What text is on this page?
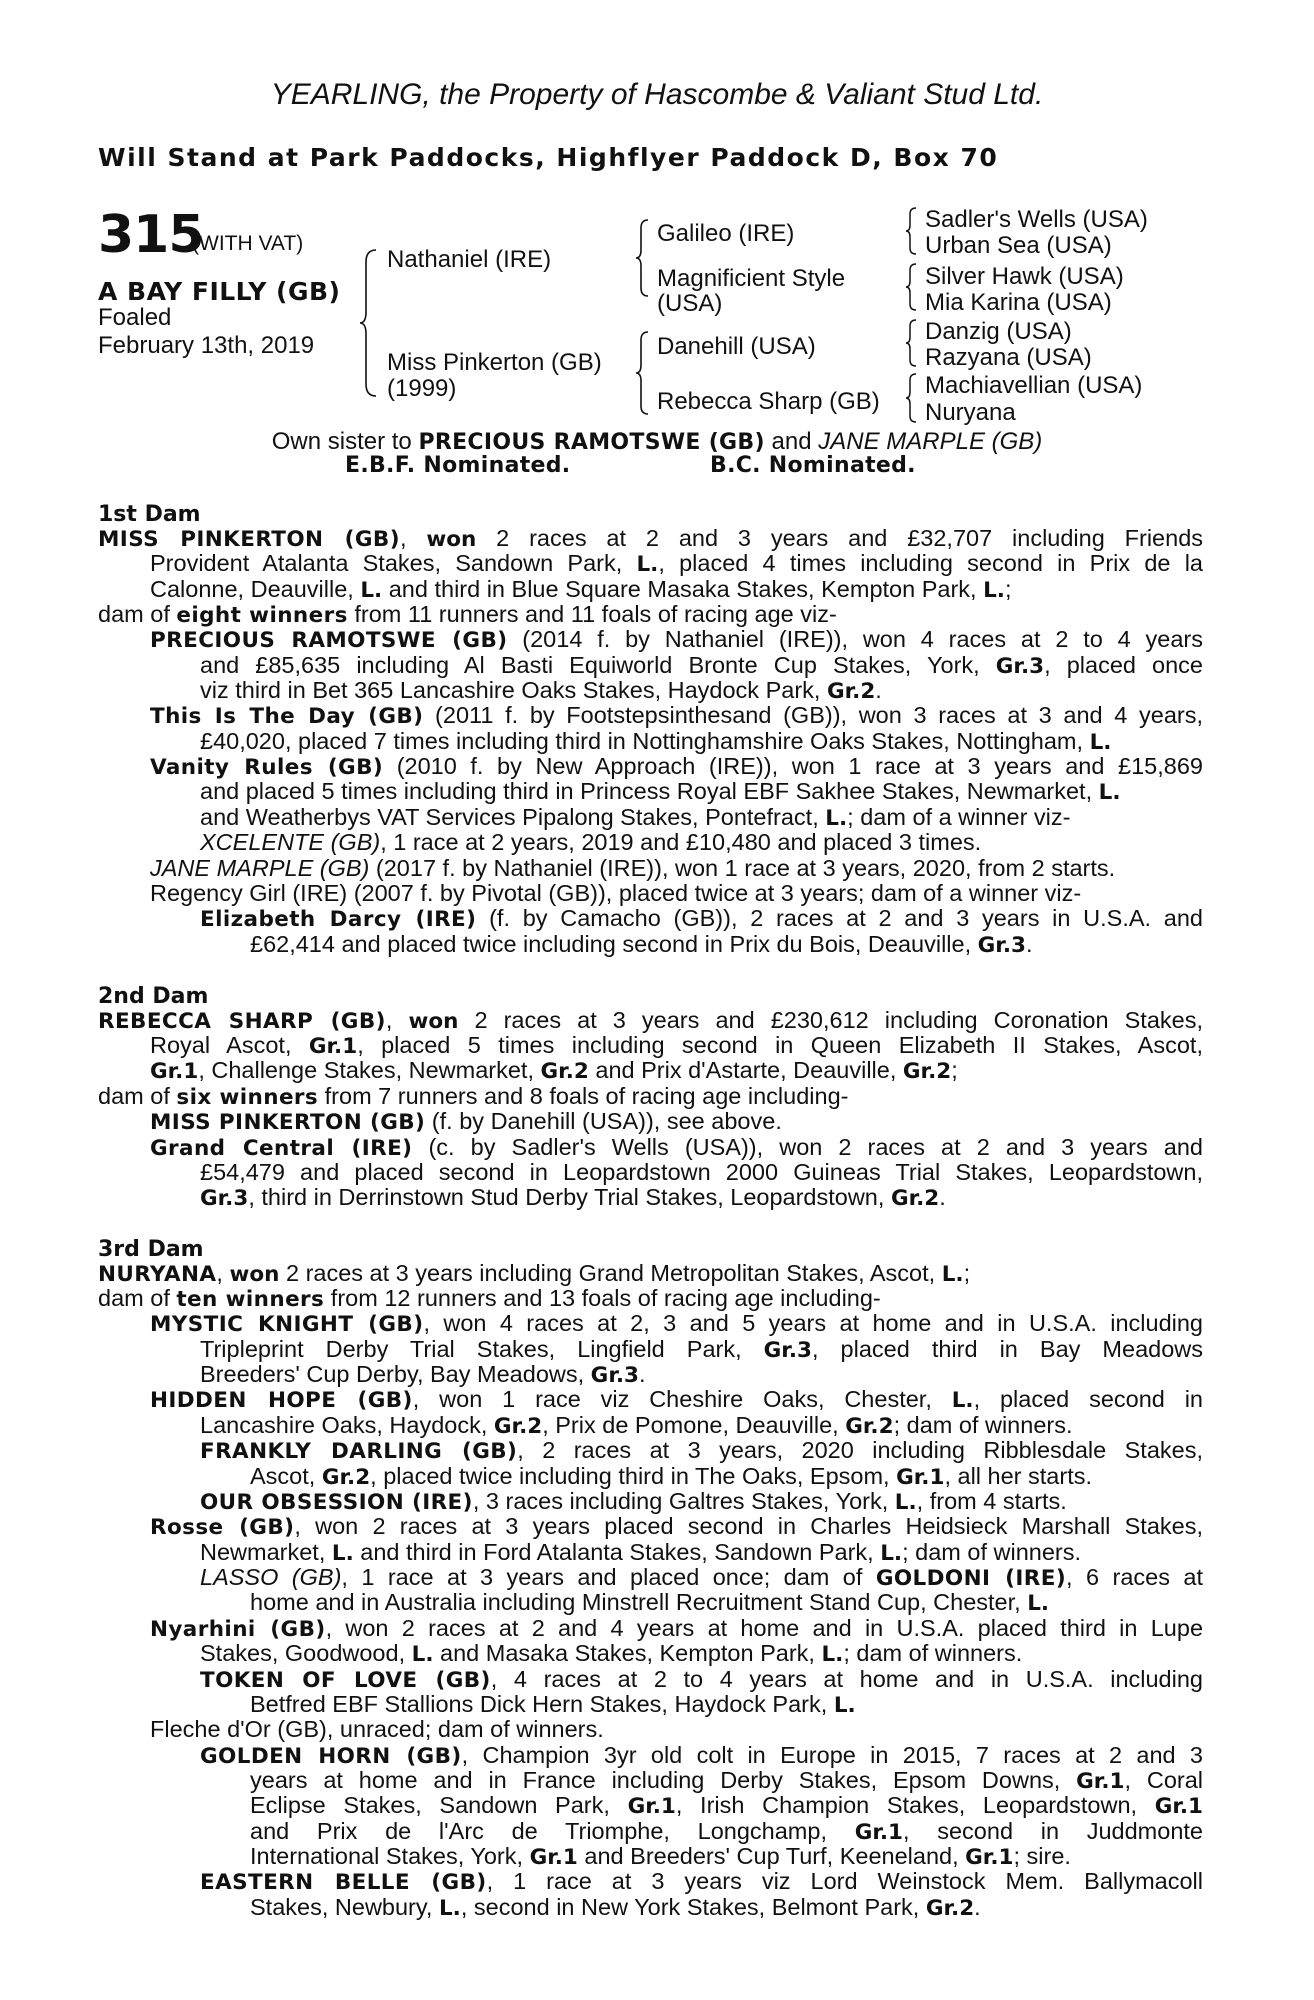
YEARLING, the Property of Hascombe & Valiant Stud Ltd.
Will Stand at Park Paddocks, Highflyer Paddock D, Box 70
315
(WITH VAT)
A BAY FILLY (GB)
Foaled
February 13th, 2019
Nathaniel (IRE)
Miss Pinkerton (GB)
(1999)
Galileo (IRE)
Magnificient Style
(USA)
Danehill (USA)
Rebecca Sharp (GB)
Sadler's Wells (USA)
Urban Sea (USA)
Silver Hawk (USA)
Mia Karina (USA)
Danzig (USA)
Razyana (USA)
Machiavellian (USA)
Nuryana
Own sister to PRECIOUS RAMOTSWE (GB) and JANE MARPLE (GB)
E.B.F. Nominated.	B.C. Nominated.
1st Dam
MISS PINKERTON (GB), won 2 races at 2 and 3 years and £32,707 including Friends
Provident Atalanta Stakes, Sandown Park, L., placed 4 times including second in Prix de la
Calonne, Deauville, L. and third in Blue Square Masaka Stakes, Kempton Park, L.;
dam of eight winners from 11 runners and 11 foals of racing age viz-
PRECIOUS RAMOTSWE (GB) (2014 f. by Nathaniel (IRE)), won 4 races at 2 to 4 years
and £85,635 including Al Basti Equiworld Bronte Cup Stakes, York, Gr.3, placed once
viz third in Bet 365 Lancashire Oaks Stakes, Haydock Park, Gr.2.
This Is The Day (GB) (2011 f. by Footstepsinthesand (GB)), won 3 races at 3 and 4 years,
£40,020, placed 7 times including third in Nottinghamshire Oaks Stakes, Nottingham, L.
Vanity Rules (GB) (2010 f. by New Approach (IRE)), won 1 race at 3 years and £15,869
and placed 5 times including third in Princess Royal EBF Sakhee Stakes, Newmarket, L.
and Weatherbys VAT Services Pipalong Stakes, Pontefract, L.; dam of a winner viz-
XCELENTE (GB), 1 race at 2 years, 2019 and £10,480 and placed 3 times.
JANE MARPLE (GB) (2017 f. by Nathaniel (IRE)), won 1 race at 3 years, 2020, from 2 starts.
Regency Girl (IRE) (2007 f. by Pivotal (GB)), placed twice at 3 years; dam of a winner viz-
Elizabeth Darcy (IRE) (f. by Camacho (GB)), 2 races at 2 and 3 years in U.S.A. and
£62,414 and placed twice including second in Prix du Bois, Deauville, Gr.3.
2nd Dam
REBECCA SHARP (GB), won 2 races at 3 years and £230,612 including Coronation Stakes,
Royal Ascot, Gr.1, placed 5 times including second in Queen Elizabeth II Stakes, Ascot,
Gr.1, Challenge Stakes, Newmarket, Gr.2 and Prix d'Astarte, Deauville, Gr.2;
dam of six winners from 7 runners and 8 foals of racing age including-
MISS PINKERTON (GB) (f. by Danehill (USA)), see above.
Grand Central (IRE) (c. by Sadler's Wells (USA)), won 2 races at 2 and 3 years and
£54,479 and placed second in Leopardstown 2000 Guineas Trial Stakes, Leopardstown,
Gr.3, third in Derrinstown Stud Derby Trial Stakes, Leopardstown, Gr.2.
3rd Dam
NURYANA, won 2 races at 3 years including Grand Metropolitan Stakes, Ascot, L.;
dam of ten winners from 12 runners and 13 foals of racing age including-
MYSTIC KNIGHT (GB), won 4 races at 2, 3 and 5 years at home and in U.S.A. including
Tripleprint Derby Trial Stakes, Lingfield Park, Gr.3, placed third in Bay Meadows
Breeders' Cup Derby, Bay Meadows, Gr.3.
HIDDEN HOPE (GB), won 1 race viz Cheshire Oaks, Chester, L., placed second in
Lancashire Oaks, Haydock, Gr.2, Prix de Pomone, Deauville, Gr.2; dam of winners.
FRANKLY DARLING (GB), 2 races at 3 years, 2020 including Ribblesdale Stakes,
Ascot, Gr.2, placed twice including third in The Oaks, Epsom, Gr.1, all her starts.
OUR OBSESSION (IRE), 3 races including Galtres Stakes, York, L., from 4 starts.
Rosse (GB), won 2 races at 3 years placed second in Charles Heidsieck Marshall Stakes,
Newmarket, L. and third in Ford Atalanta Stakes, Sandown Park, L.; dam of winners.
LASSO (GB), 1 race at 3 years and placed once; dam of GOLDONI (IRE), 6 races at
home and in Australia including Minstrell Recruitment Stand Cup, Chester, L.
Nyarhini (GB), won 2 races at 2 and 4 years at home and in U.S.A. placed third in Lupe
Stakes, Goodwood, L. and Masaka Stakes, Kempton Park, L.; dam of winners.
TOKEN OF LOVE (GB), 4 races at 2 to 4 years at home and in U.S.A. including
Betfred EBF Stallions Dick Hern Stakes, Haydock Park, L.
Fleche d'Or (GB), unraced; dam of winners.
GOLDEN HORN (GB), Champion 3yr old colt in Europe in 2015, 7 races at 2 and 3
years at home and in France including Derby Stakes, Epsom Downs, Gr.1, Coral
Eclipse Stakes, Sandown Park, Gr.1, Irish Champion Stakes, Leopardstown, Gr.1
and Prix de l'Arc de Triomphe, Longchamp, Gr.1, second in Juddmonte
International Stakes, York, Gr.1 and Breeders' Cup Turf, Keeneland, Gr.1; sire.
EASTERN BELLE (GB), 1 race at 3 years viz Lord Weinstock Mem. Ballymacoll
Stakes, Newbury, L., second in New York Stakes, Belmont Park, Gr.2.
